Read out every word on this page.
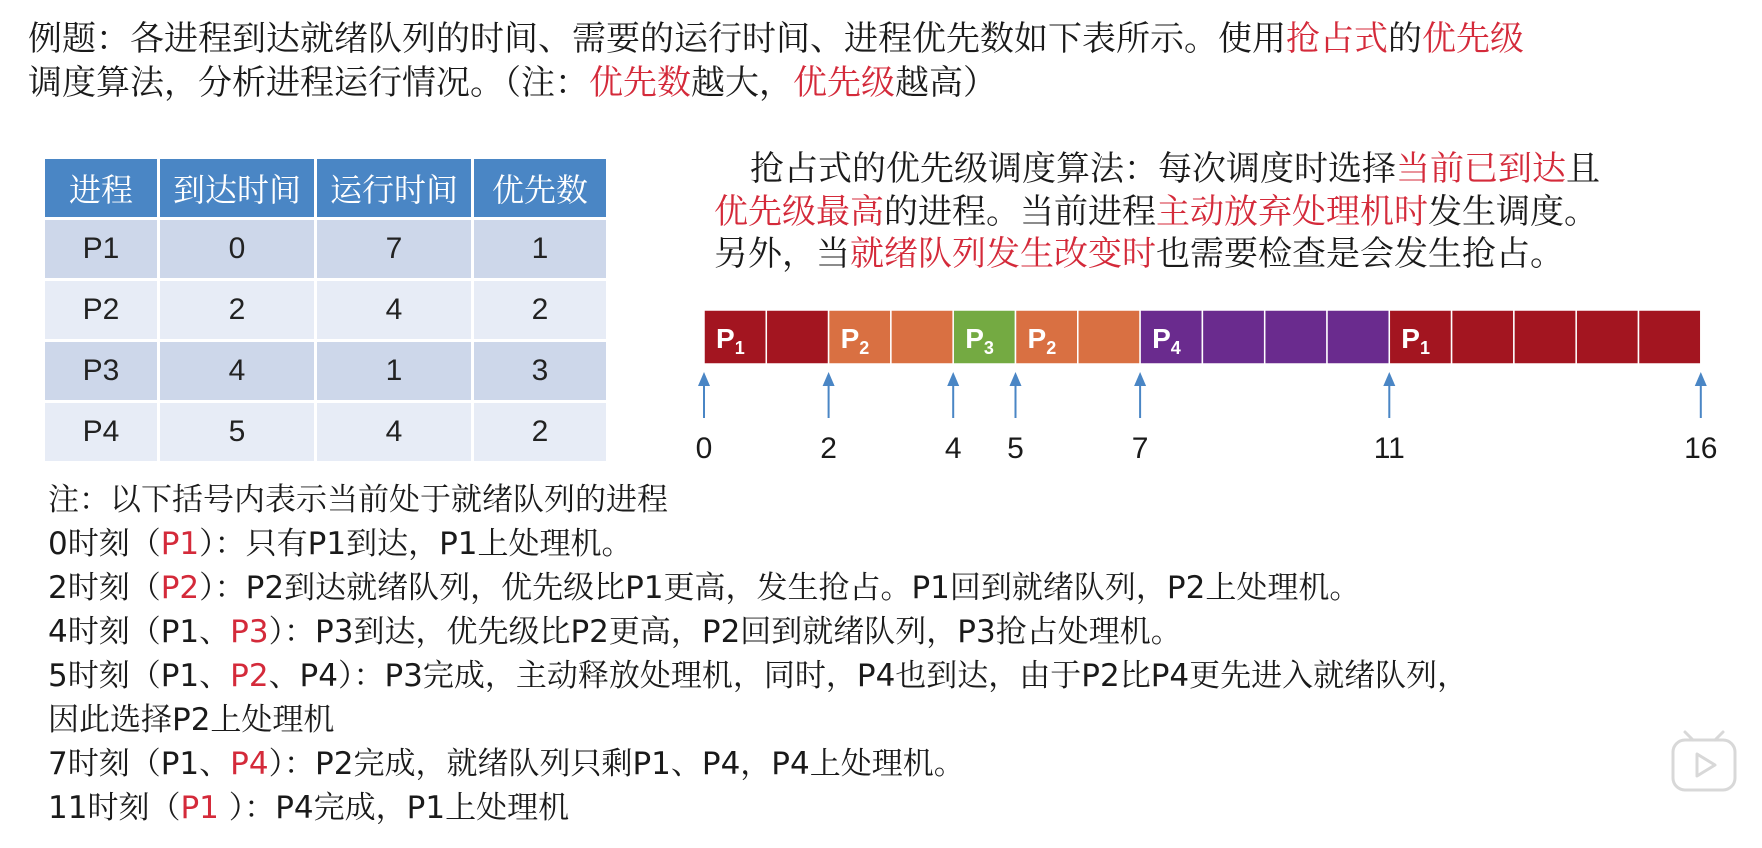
例题：各进程到达就绪队列的时间、需要的运行时间、进程优先数如下表所示。使用抢占式的优先级
调度算法，分析进程运行情况。（注：优先数越大，优先级越高）

进程	到达时间	运行时间	优先数
P1	0	7	1
P2	2	4	2
P3	4	1	3
P4	5	4	2

抢占式的优先级调度算法：每次调度时选择当前已到达且
优先级最高的进程。当前进程主动放弃处理机时发生调度。
另外，当就绪队列发生改变时也需要检查是会发生抢占。

$P_1$	$P_2$	$P_3$ $P_2$	$P_4$	$P_1$
0	2	4 5	7	11	16
注：以下括号内表示当前处于就绪队列的进程
0时刻（P1）：只有P1到达，P1上处理机。
2时刻（P2）：P2到达就绪队列，优先级比P1更高，发生抢占。P1回到就绪队列，P2上处理机。
4时刻（P1、P3）：P3到达，优先级比P2更高，P2回到就绪队列，P3抢占处理机。
5时刻（P1、P2、P4）：P3完成，主动释放处理机，同时，P4也到达，由于P2比P4更先进入就绪队列，
因此选择P2上处理机
7时刻（P1、P4）：P2完成，就绪队列只剩P1、P4，P4上处理机。
11时刻（P1 ）：P4完成，P1上处理机
